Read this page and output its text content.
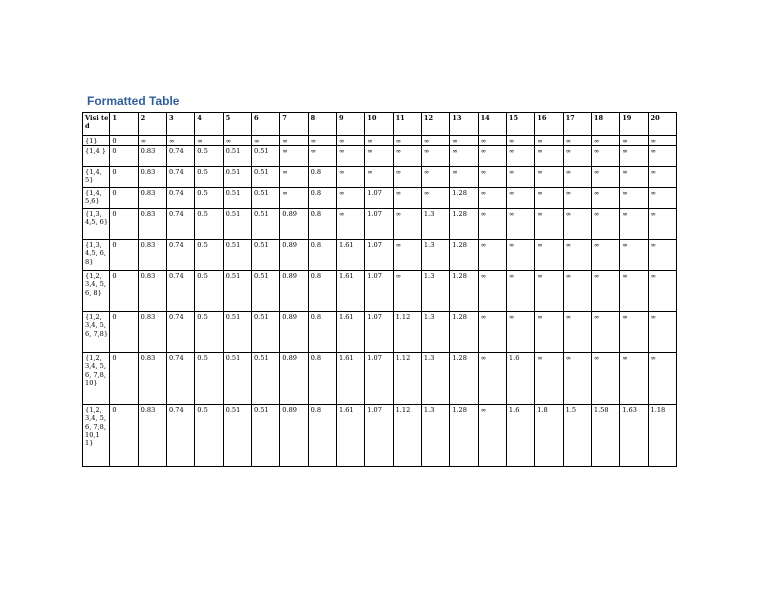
Formatted Table
Visi ted	1	2	3	4	5	6	7	8	9	10	11	12	13	14	15	16	17	18	19	20
{1}	0	∞	∞	∞	∞	∞	∞	∞	∞	∞	∞	∞	∞	∞	∞	∞	∞	∞	∞	∞
{1,4 }	0	0.83	0.74	0.5	0.51	0.51	∞	∞	∞	∞	∞	∞	∞	∞	∞	∞	∞	∞	∞	∞
{1,4, 5}	0	0.83	0.74	0.5	0.51	0.51	∞	0.8	∞	∞	∞	∞	∞	∞	∞	∞	∞	∞	∞	∞
{1,4, 5,6}	0	0.83	0.74	0.5	0.51	0.51	∞	0.8	∞	1.07	∞	∞	1.28	∞	∞	∞	∞	∞	∞	∞
{1,3, 4,5, 6}	0	0.83	0.74	0.5	0.51	0.51	0.89	0.8	∞	1.07	∞	1.3	1.28	∞	∞	∞	∞	∞	∞	∞
{1,3, 4,5, 6,8}	0	0.83	0.74	0.5	0.51	0.51	0.89	0.8	1.61	1.07	∞	1.3	1.28	∞	∞	∞	∞	∞	∞	∞
{1,2, 3,4, 5,6, 8}	0	0.83	0.74	0.5	0.51	0.51	0.89	0.8	1.61	1.07	∞	1.3	1.28	∞	∞	∞	∞	∞	∞	∞
{1,2, 3,4, 5,6, 7,8}	0	0.83	0.74	0.5	0.51	0.51	0.89	0.8	1.61	1.07	1.12	1.3	1.28	∞	∞	∞	∞	∞	∞	∞
{1,2, 3,4, 5,6, 7,8, 10}	0	0.83	0.74	0.5	0.51	0.51	0.89	0.8	1.61	1.07	1.12	1.3	1.28	∞	1.6	∞	∞	∞	∞	∞
{1,2, 3,4, 5,6, 7,8, 10,1 1}	0	0.83	0.74	0.5	0.51	0.51	0.89	0.8	1.61	1.07	1.12	1.3	1.28	∞	1.6	1.8	1.5	1.58	1.63	1.18
